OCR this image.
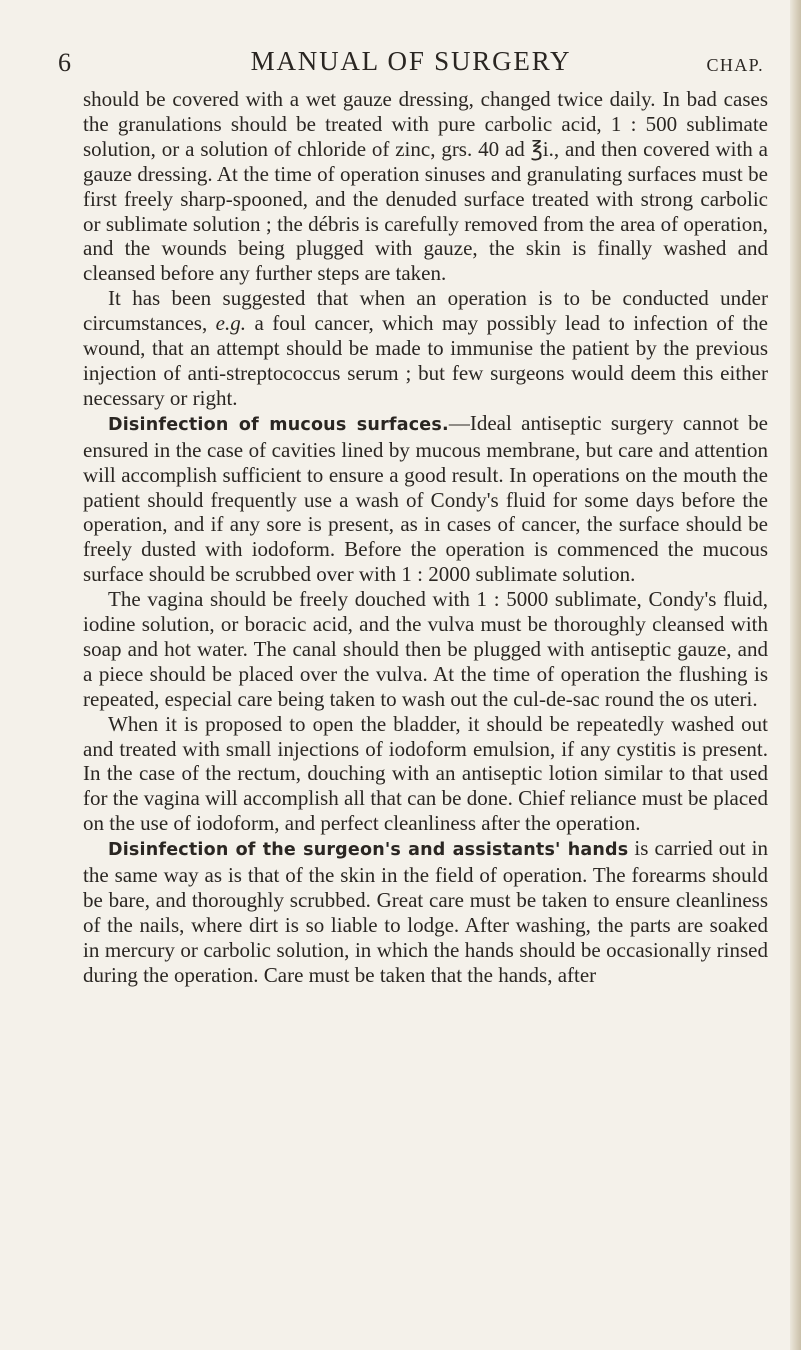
6	MANUAL OF SURGERY	CHAP.

should be covered with a wet gauze dressing, changed twice daily. In bad cases the granulations should be treated with pure carbolic acid, 1 : 500 sublimate solution, or a solution of chloride of zinc, grs. 40 ad ℥i., and then covered with a gauze dressing. At the time of operation sinuses and granulating surfaces must be first freely sharp-spooned, and the denuded surface treated with strong carbolic or sublimate solution ; the débris is carefully removed from the area of operation, and the wounds being plugged with gauze, the skin is finally washed and cleansed before any further steps are taken.

It has been suggested that when an operation is to be conducted under circumstances, e.g. a foul cancer, which may possibly lead to infection of the wound, that an attempt should be made to immunise the patient by the previous injection of anti-streptococcus serum ; but few surgeons would deem this either necessary or right.

Disinfection of mucous surfaces.—Ideal antiseptic surgery cannot be ensured in the case of cavities lined by mucous membrane, but care and attention will accomplish sufficient to ensure a good result. In operations on the mouth the patient should frequently use a wash of Condy's fluid for some days before the operation, and if any sore is present, as in cases of cancer, the surface should be freely dusted with iodoform. Before the operation is commenced the mucous surface should be scrubbed over with 1 : 2000 sublimate solution.

The vagina should be freely douched with 1 : 5000 sublimate, Condy's fluid, iodine solution, or boracic acid, and the vulva must be thoroughly cleansed with soap and hot water. The canal should then be plugged with antiseptic gauze, and a piece should be placed over the vulva. At the time of operation the flushing is repeated, especial care being taken to wash out the cul-de-sac round the os uteri.

When it is proposed to open the bladder, it should be repeatedly washed out and treated with small injections of iodoform emulsion, if any cystitis is present. In the case of the rectum, douching with an antiseptic lotion similar to that used for the vagina will accomplish all that can be done. Chief reliance must be placed on the use of iodoform, and perfect cleanliness after the operation.

Disinfection of the surgeon's and assistants' hands is carried out in the same way as is that of the skin in the field of operation. The forearms should be bare, and thoroughly scrubbed. Great care must be taken to ensure cleanliness of the nails, where dirt is so liable to lodge. After washing, the parts are soaked in mercury or carbolic solution, in which the hands should be occasionally rinsed during the operation. Care must be taken that the hands, after
